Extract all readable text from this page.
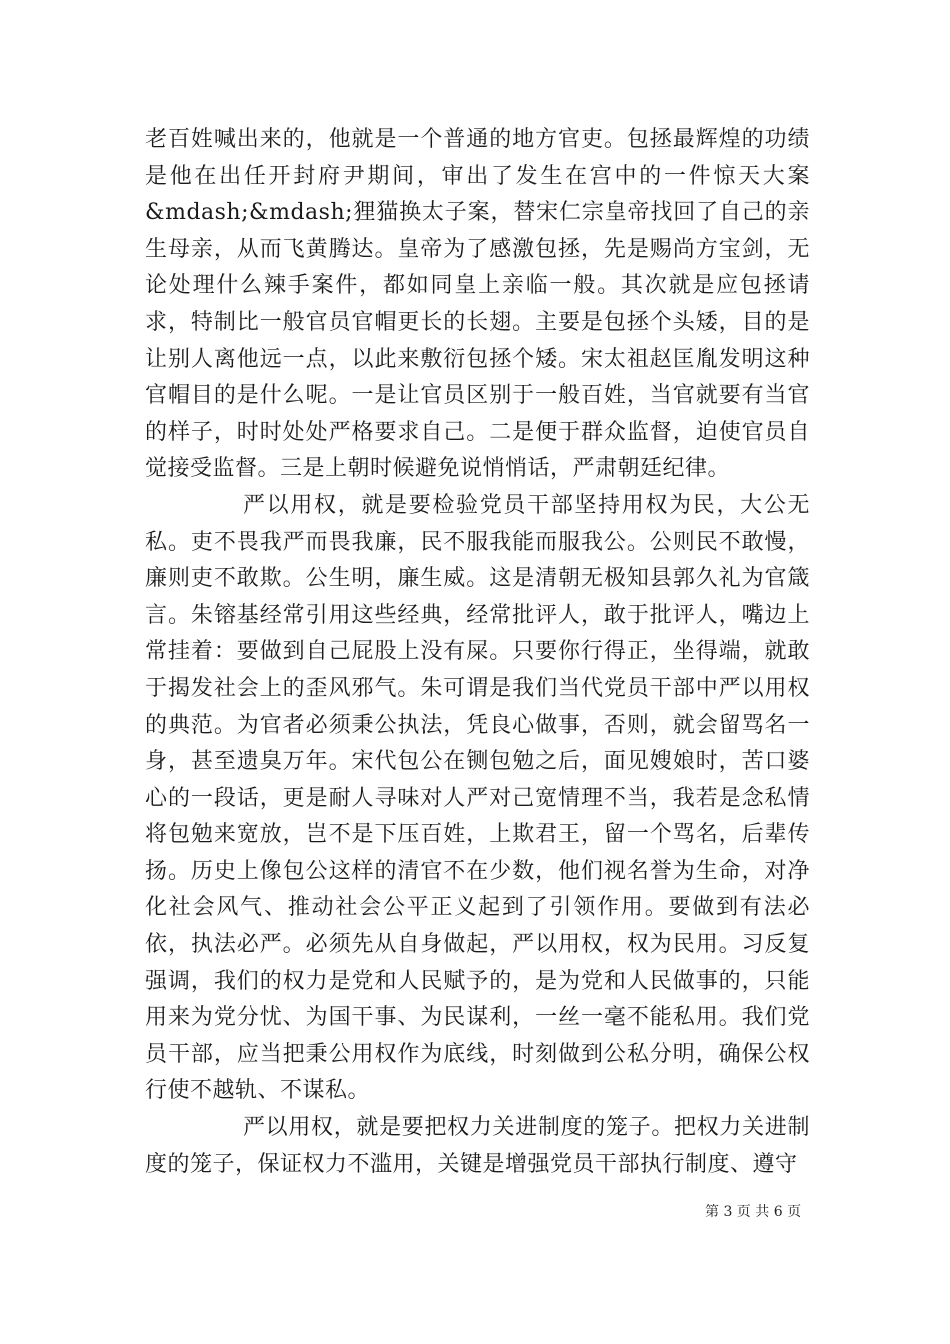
老百姓喊出来的，他就是一个普通的地方官吏。包拯最辉煌的功绩是他在出任开封府尹期间，审出了发生在宫中的一件惊天大案&mdash;&mdash;狸猫换太子案，替宋仁宗皇帝找回了自己的亲生母亲，从而飞黄腾达。皇帝为了感激包拯，先是赐尚方宝剑，无论处理什么辣手案件，都如同皇上亲临一般。其次就是应包拯请求，特制比一般官员官帽更长的长翅。主要是包拯个头矮，目的是让别人离他远一点，以此来敷衍包拯个矮。宋太祖赵匡胤发明这种官帽目的是什么呢。一是让官员区别于一般百姓，当官就要有当官的样子，时时处处严格要求自己。二是便于群众监督，迫使官员自觉接受监督。三是上朝时候避免说悄悄话，严肃朝廷纪律。

严以用权，就是要检验党员干部坚持用权为民，大公无私。吏不畏我严而畏我廉，民不服我能而服我公。公则民不敢慢，廉则吏不敢欺。公生明，廉生威。这是清朝无极知县郭久礼为官箴言。朱镕基经常引用这些经典，经常批评人，敢于批评人，嘴边上常挂着：要做到自己屁股上没有屎。只要你行得正，坐得端，就敢于揭发社会上的歪风邪气。朱可谓是我们当代党员干部中严以用权的典范。为官者必须秉公执法，凭良心做事，否则，就会留骂名一身，甚至遗臭万年。宋代包公在铡包勉之后，面见嫂娘时，苦口婆心的一段话，更是耐人寻味对人严对己宽情理不当，我若是念私情将包勉来宽放，岂不是下压百姓，上欺君王，留一个骂名，后辈传扬。历史上像包公这样的清官不在少数，他们视名誉为生命，对净化社会风气、推动社会公平正义起到了引领作用。要做到有法必依，执法必严。必须先从自身做起，严以用权，权为民用。习反复强调，我们的权力是党和人民赋予的，是为党和人民做事的，只能用来为党分忧、为国干事、为民谋利，一丝一毫不能私用。我们党员干部，应当把秉公用权作为底线，时刻做到公私分明，确保公权行使不越轨、不谋私。

严以用权，就是要把权力关进制度的笼子。把权力关进制度的笼子，保证权力不滥用，关键是增强党员干部执行制度、遵守

第 3 页 共 6 页
